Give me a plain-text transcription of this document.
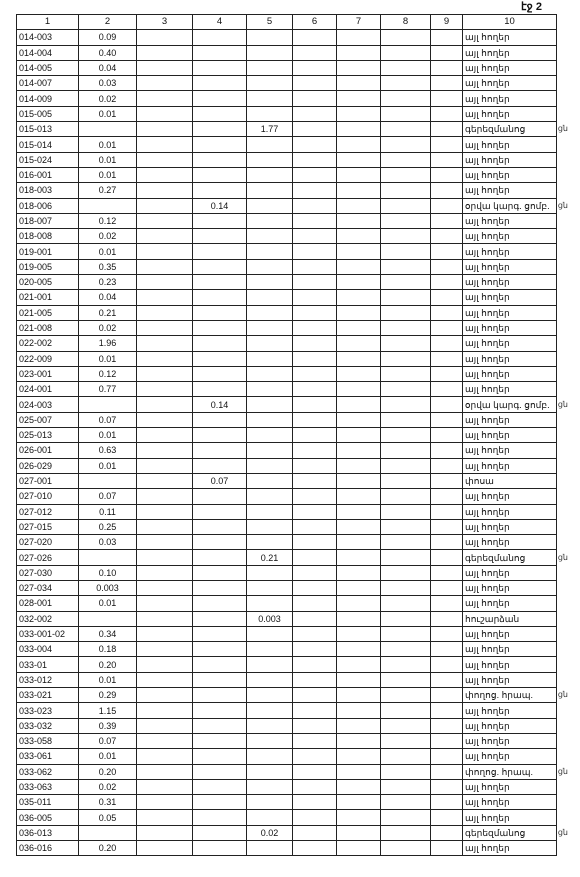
էջ 2
1	2	3	4	5	6	7	8	9	10
014-003	0.09								այլ հողեր
014-004	0.40								այլ հողեր
014-005	0.04								այլ հողեր
014-007	0.03								այլ հողեր
014-009	0.02								այլ հողեր
015-005	0.01								այլ հողեր
015-013				1.77					գերեզմանոց
015-014	0.01								այլ հողեր
015-024	0.01								այլ հողեր
016-001	0.01								այլ հողեր
018-003	0.27								այլ հողեր
018-006			0.14						օրվա կարգ. ցոմբ.
018-007	0.12								այլ հողեր
018-008	0.02								այլ հողեր
019-001	0.01								այլ հողեր
019-005	0.35								այլ հողեր
020-005	0.23								այլ հողեր
021-001	0.04								այլ հողեր
021-005	0.21								այլ հողեր
021-008	0.02								այլ հողեր
022-002	1.96								այլ հողեր
022-009	0.01								այլ հողեր
023-001	0.12								այլ հողեր
024-001	0.77								այլ հողեր
024-003			0.14						օրվա կարգ. ցոմբ.
025-007	0.07								այլ հողեր
025-013	0.01								այլ հողեր
026-001	0.63								այլ հողեր
026-029	0.01								այլ հողեր
027-001			0.07						փոսա
027-010	0.07								այլ հողեր
027-012	0.11								այլ հողեր
027-015	0.25								այլ հողեր
027-020	0.03								այլ հողեր
027-026				0.21					գերեզմանոց
027-030	0.10								այլ հողեր
027-034	0.003								այլ հողեր
028-001	0.01								այլ հողեր
032-002				0.003					հուշարձան
033-001-02	0.34								այլ հողեր
033-004	0.18								այլ հողեր
033-01	0.20								այլ հողեր
033-012	0.01								այլ հողեր
033-021	0.29								փողոց. հրապ.
033-023	1.15								այլ հողեր
033-032	0.39								այլ հողեր
033-058	0.07								այլ հողեր
033-061	0.01								այլ հողեր
033-062	0.20								փողոց. հրապ.
033-063	0.02								այլ հողեր
035-011	0.31								այլ հողեր
036-005	0.05								այլ հողեր
036-013				0.02					գերեզմանոց
036-016	0.20								այլ հողեր
ցն
ցն
ցն
ցն
ցն
ցն
ցն
